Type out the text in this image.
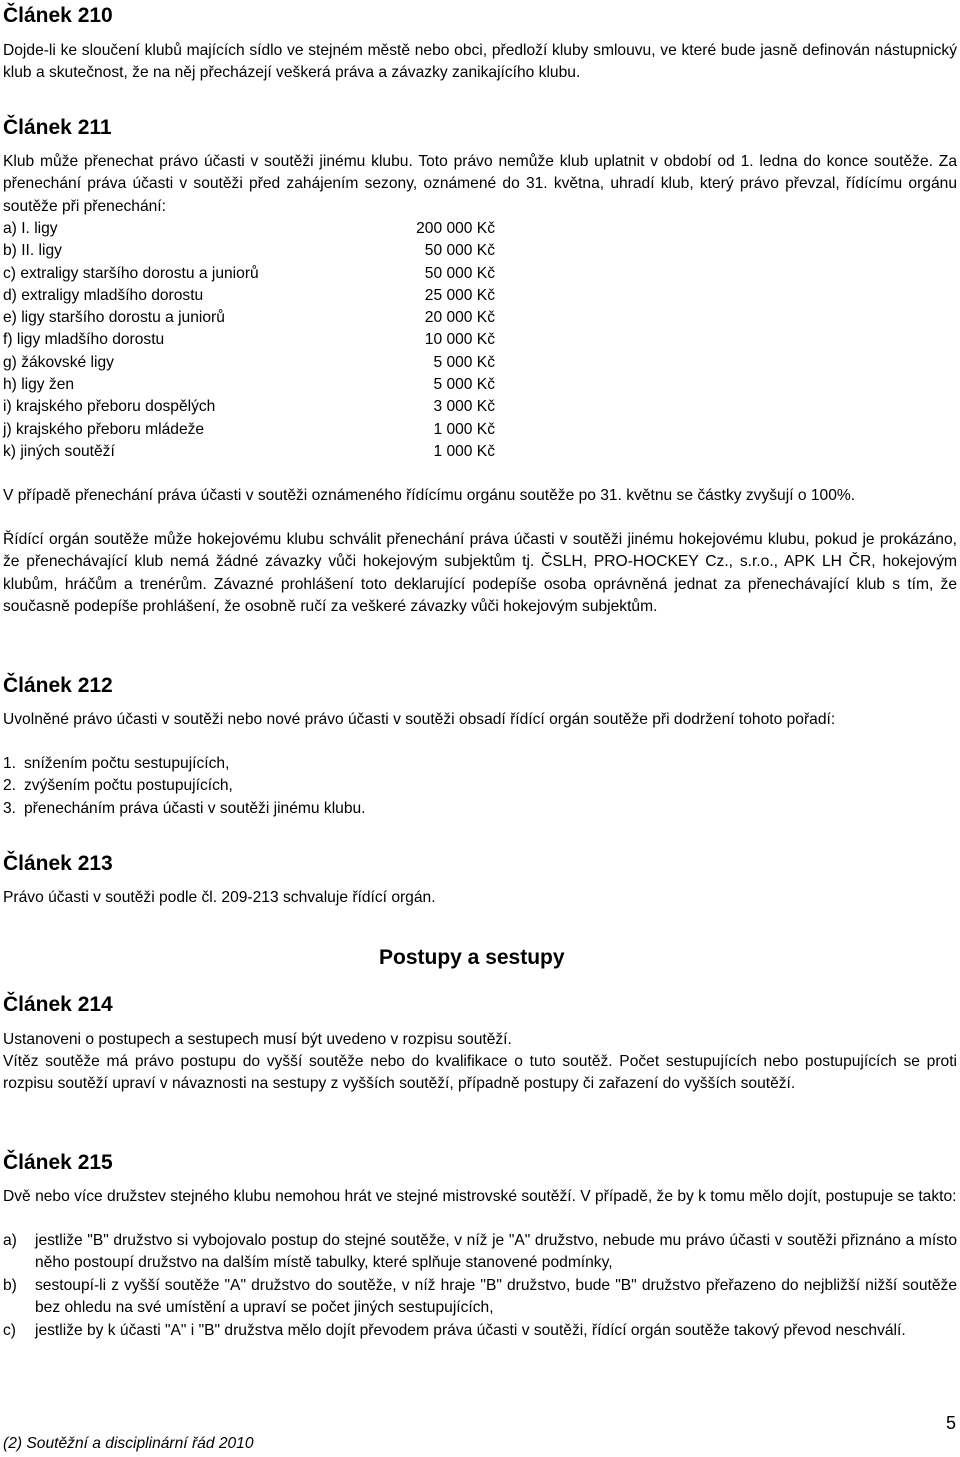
Článek 210

Dojde-li ke sloučení klubů majících sídlo ve stejném městě nebo obci, předloží kluby smlouvu, ve které bude jasně definován nástupnický klub a skutečnost, že na něj přecházejí veškerá práva a závazky zanikajícího klubu.

Článek 211

Klub může přenechat právo účasti v soutěži jinému klubu. Toto právo nemůže klub uplatnit v období od 1. ledna do konce soutěže. Za přenechání práva účasti v soutěži před zahájením sezony, oznámené do 31. května, uhradí klub, který právo převzal, řídícímu orgánu soutěže při přenechání:

a) I. ligy	200 000 Kč
b) II. ligy	50 000 Kč
c) extraligy staršího dorostu a juniorů	50 000 Kč
d) extraligy mladšího dorostu	25 000 Kč
e) ligy staršího dorostu a juniorů	20 000 Kč
f) ligy mladšího dorostu	10 000 Kč
g) žákovské ligy	5 000 Kč
h) ligy žen	5 000 Kč
i) krajského přeboru dospělých	3 000 Kč
j) krajského přeboru mládeže	1 000 Kč
k) jiných soutěží	1 000 Kč

V případě přenechání práva účasti v soutěži oznámeného řídícímu orgánu soutěže po 31. květnu se částky zvyšují o 100%.

Řídící orgán soutěže může hokejovému klubu schválit přenechání práva účasti v soutěži jinému hokejovému klubu, pokud je prokázáno, že přenechávající klub nemá žádné závazky vůči hokejovým subjektům tj. ČSLH, PRO-HOCKEY Cz., s.r.o., APK LH ČR, hokejovým klubům, hráčům a trenérům. Závazné prohlášení toto deklarující podepíše osoba oprávněná jednat za přenechávající klub s tím, že současně podepíše prohlášení, že osobně ručí za veškeré závazky vůči hokejovým subjektům.

Článek 212

Uvolněné právo účasti v soutěži nebo nové právo účasti v soutěži obsadí řídící orgán soutěže při dodržení tohoto pořadí:

1. snížením počtu sestupujících,
2. zvýšením počtu postupujících,
3. přenecháním práva účasti v soutěži jinému klubu.
Článek 213

Právo účasti v soutěži podle čl. 209-213 schvaluje řídící orgán.

Postupy a sestupy
Článek 214

Ustanoveni o postupech a sestupech musí být uvedeno v rozpisu soutěží.

Vítěz soutěže má právo postupu do vyšší soutěže nebo do kvalifikace o tuto soutěž. Počet sestupujících nebo postupujících se proti rozpisu soutěží upraví v návaznosti na sestupy z vyšších soutěží, případně postupy či zařazení do vyšších soutěží.

Článek 215

Dvě nebo více družstev stejného klubu nemohou hrát ve stejné mistrovské soutěží. V případě, že by k tomu mělo dojít, postupuje se takto:

a)	jestliže "B" družstvo si vybojovalo postup do stejné soutěže, v níž je "A" družstvo, nebude mu právo účasti v soutěži přiznáno a místo něho postoupí družstvo na dalším místě tabulky, které splňuje stanovené podmínky,
b)	sestoupí-li z vyšší soutěže "A" družstvo do soutěže, v níž hraje "B" družstvo, bude "B" družstvo přeřazeno do nejbližší nižší soutěže bez ohledu na své umístění a upraví se počet jiných sestupujících,
c)	jestliže by k účasti "A" i "B" družstva mělo dojít převodem práva účasti v soutěži, řídící orgán soutěže takový převod neschválí.
5
(2) Soutěžní a disciplinární řád 2010
